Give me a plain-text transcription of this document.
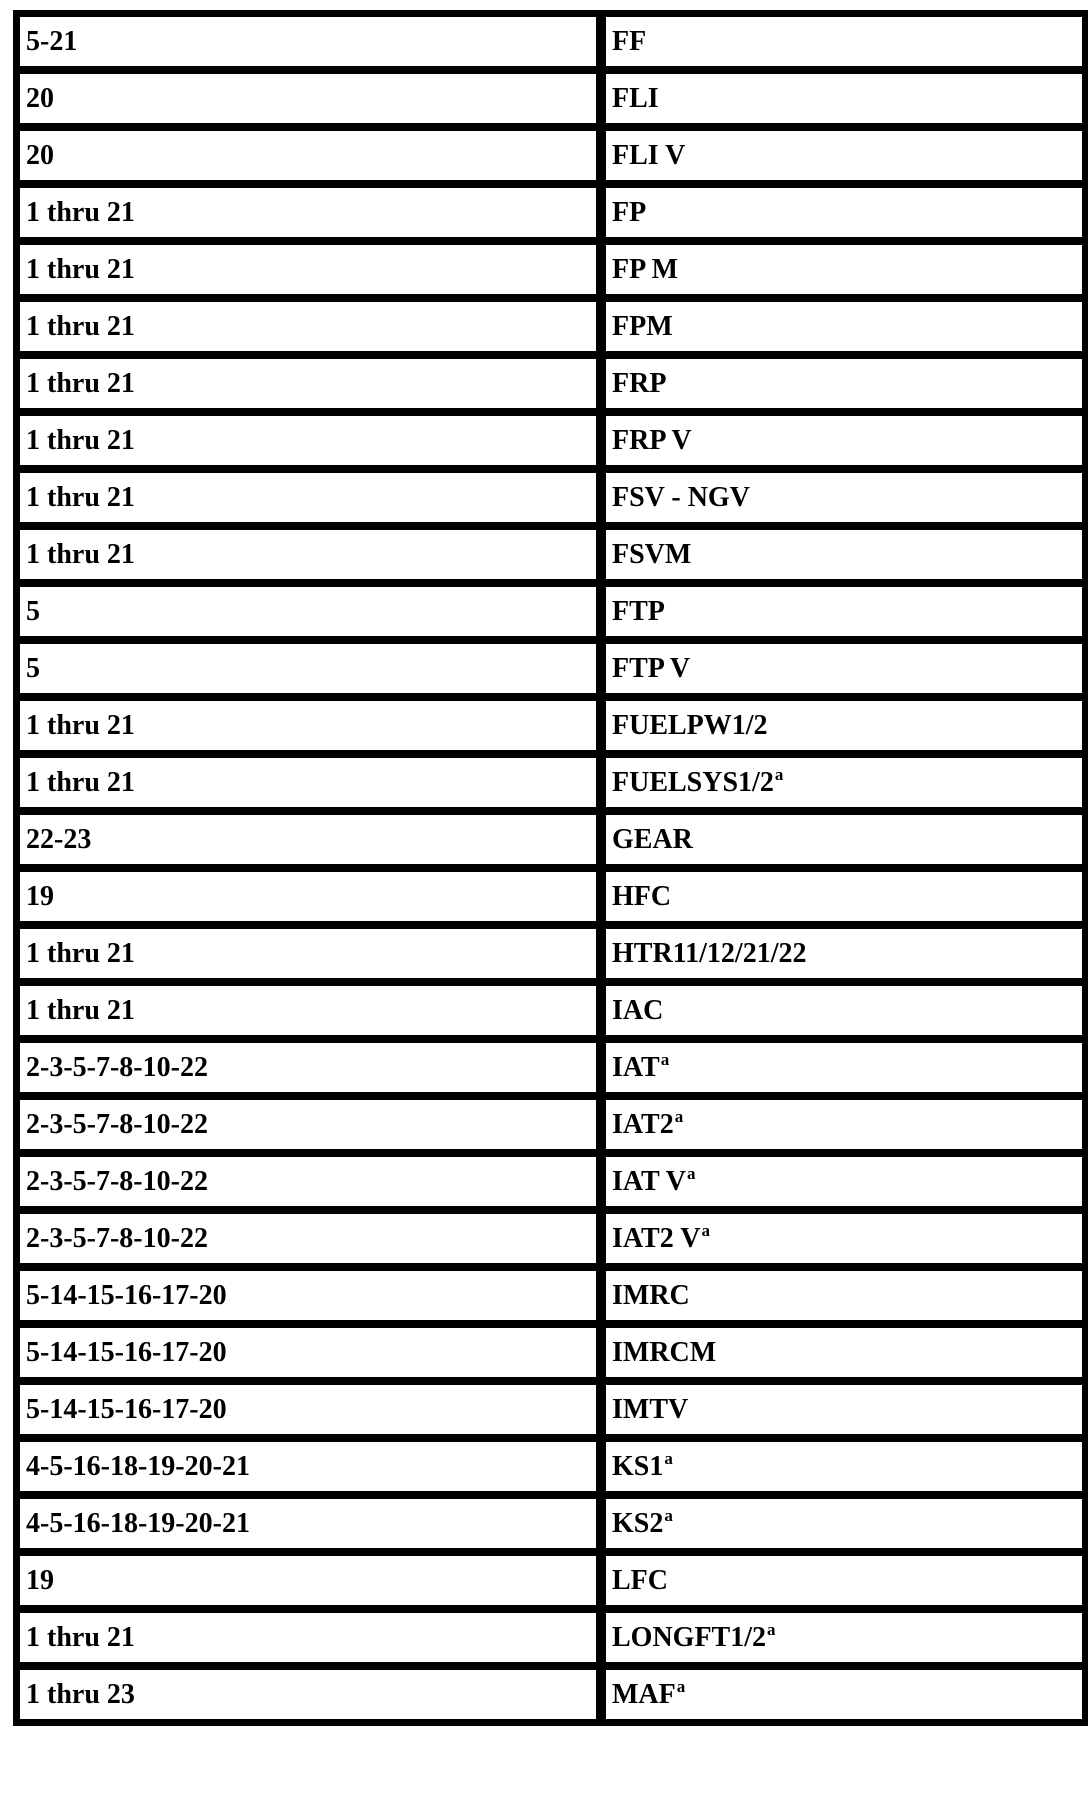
5-21	FF
20	FLI
20	FLI V
1 thru 21	FP
1 thru 21	FP M
1 thru 21	FPM
1 thru 21	FRP
1 thru 21	FRP V
1 thru 21	FSV - NGV
1 thru 21	FSVM
5	FTP
5	FTP V
1 thru 21	FUELPW1/2
1 thru 21	FUELSYS1/2$^a$
22-23	GEAR
19	HFC
1 thru 21	HTR11/12/21/22
1 thru 21	IAC
2-3-5-7-8-10-22	IAT$^a$
2-3-5-7-8-10-22	IAT2$^a$
2-3-5-7-8-10-22	IAT V$^a$
2-3-5-7-8-10-22	IAT2 V$^a$
5-14-15-16-17-20	IMRC
5-14-15-16-17-20	IMRCM
5-14-15-16-17-20	IMTV
4-5-16-18-19-20-21	KS1$^a$
4-5-16-18-19-20-21	KS2$^a$
19	LFC
1 thru 21	LONGFT1/2$^a$
1 thru 23	MAF$^a$
